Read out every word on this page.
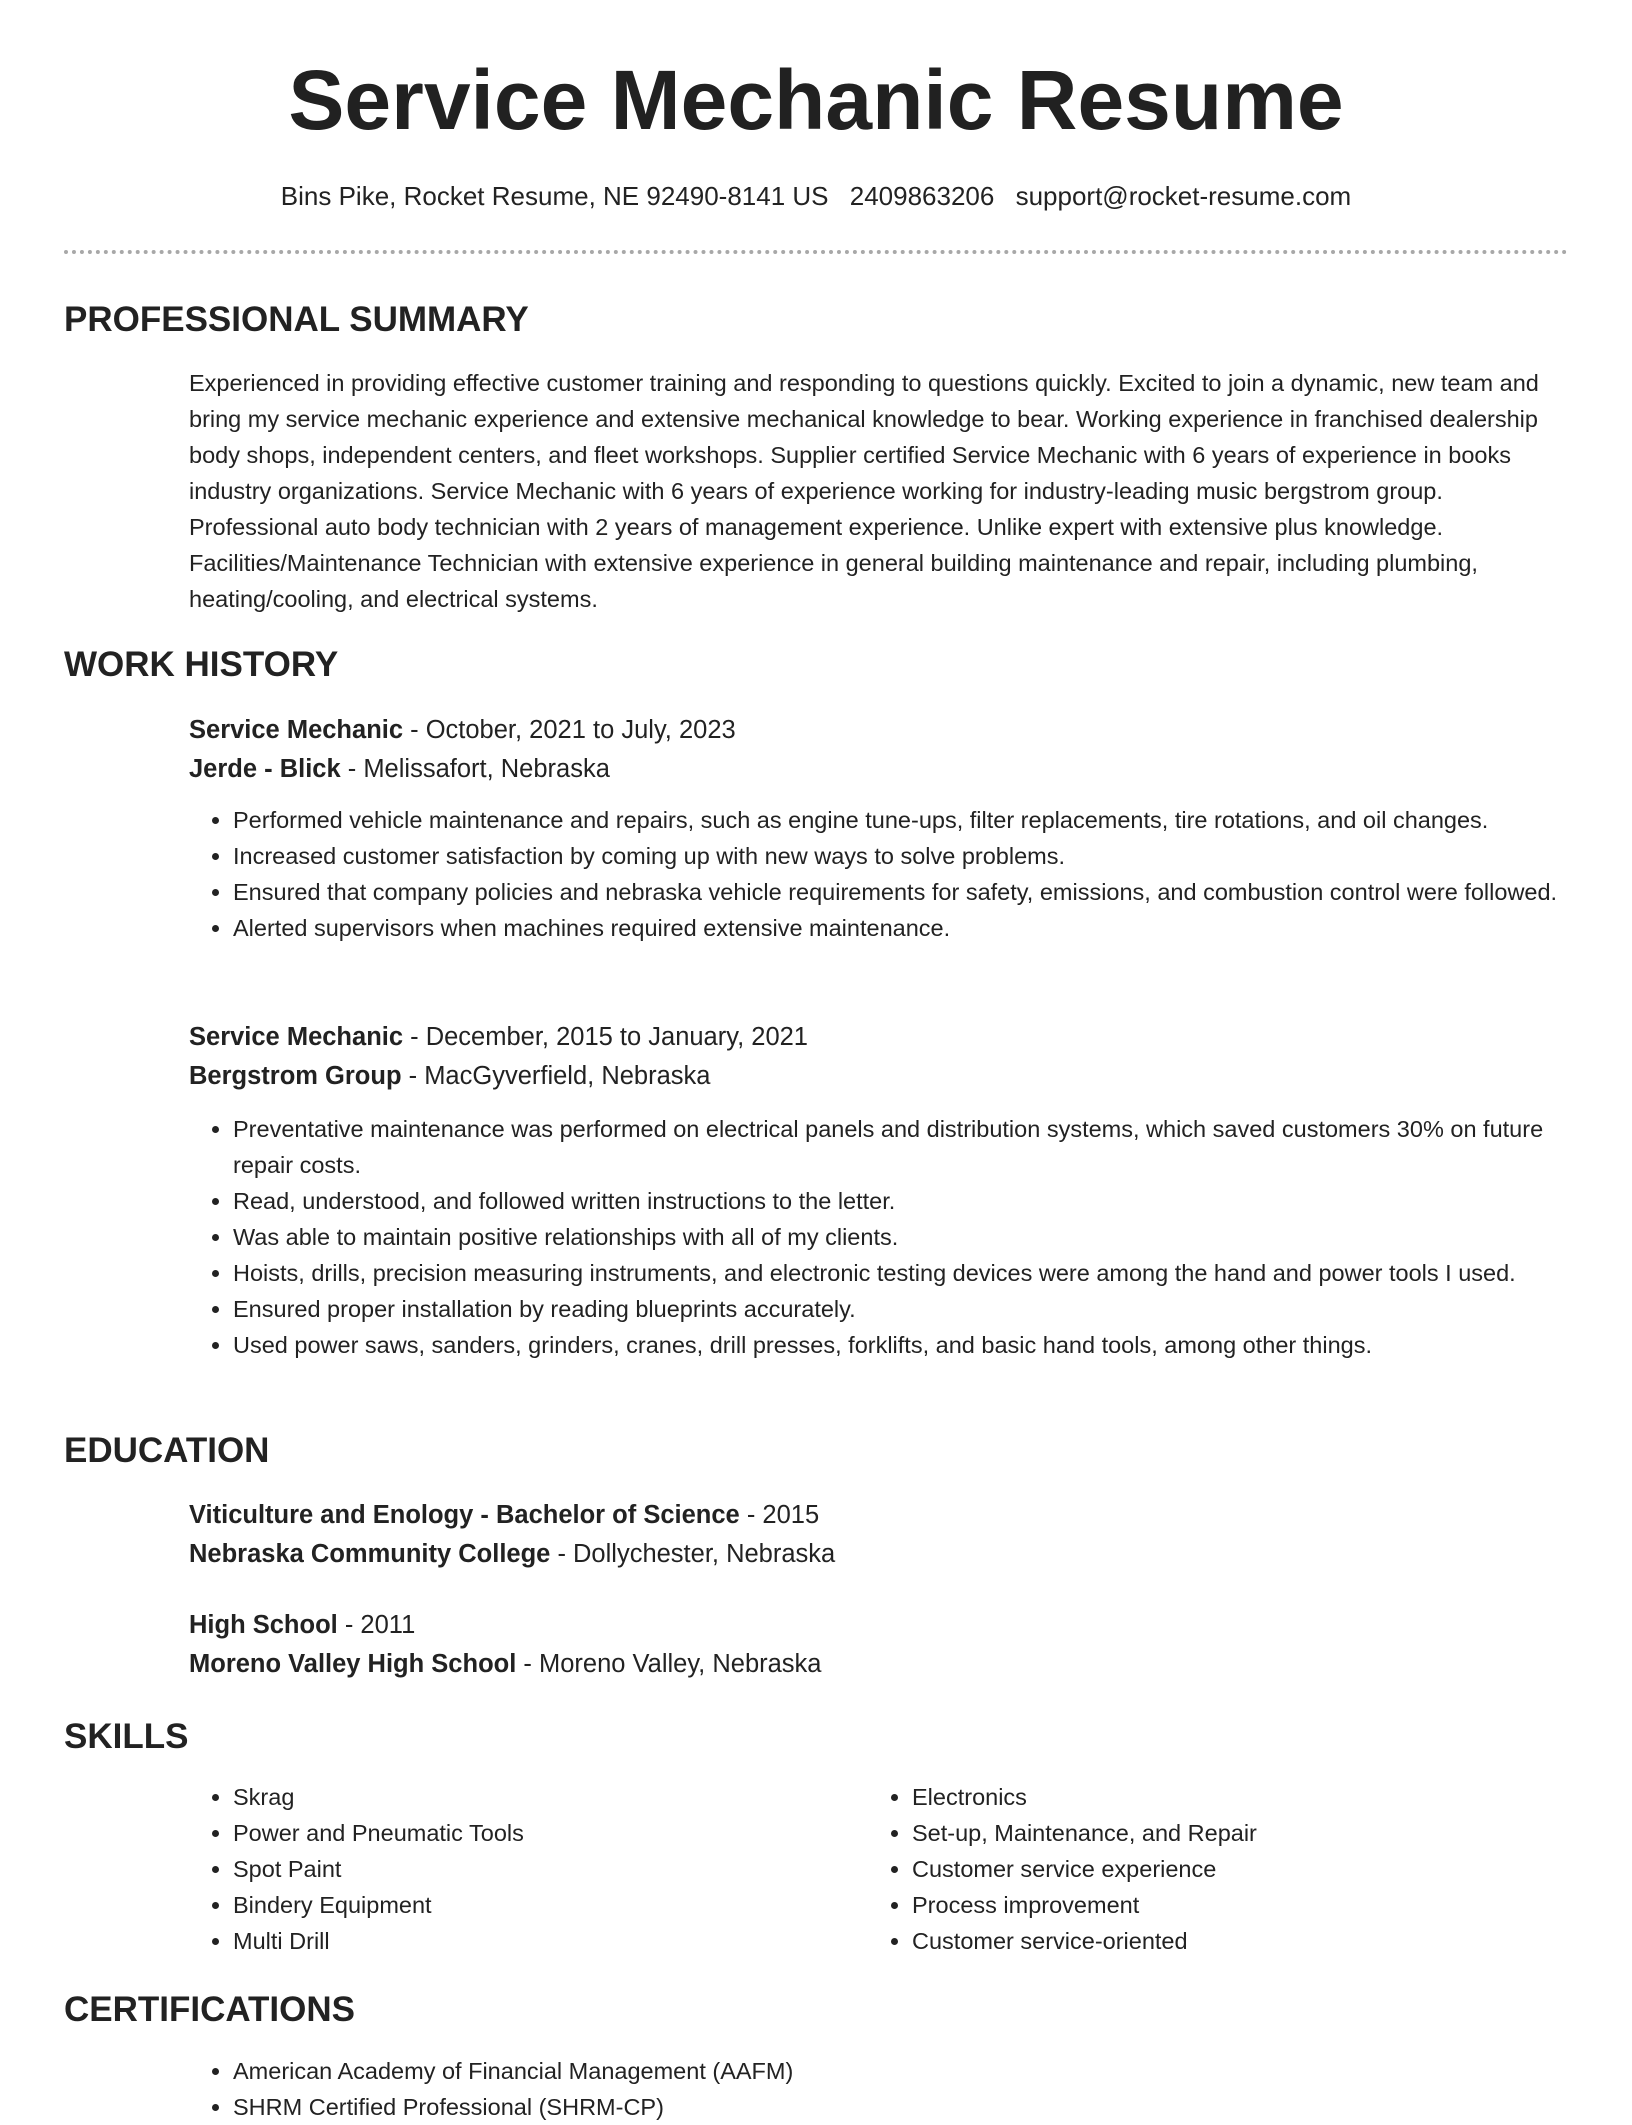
Service Mechanic Resume
Bins Pike, Rocket Resume, NE 92490-8141 US 2409863206 support@rocket-resume.com
PROFESSIONAL SUMMARY

Experienced in providing effective customer training and responding to questions quickly. Excited to join a dynamic, new team and bring my service mechanic experience and extensive mechanical knowledge to bear. Working experience in franchised dealership body shops, independent centers, and fleet workshops. Supplier certified Service Mechanic with 6 years of experience in books industry organizations. Service Mechanic with 6 years of experience working for industry-leading music bergstrom group. Professional auto body technician with 2 years of management experience. Unlike expert with extensive plus knowledge. Facilities/Maintenance Technician with extensive experience in general building maintenance and repair, including plumbing, heating/cooling, and electrical systems.

WORK HISTORY
Service Mechanic - October, 2021 to July, 2023
Jerde - Blick - Melissafort, Nebraska
• Performed vehicle maintenance and repairs, such as engine tune-ups, filter replacements, tire rotations, and oil changes.
• Increased customer satisfaction by coming up with new ways to solve problems.
• Ensured that company policies and nebraska vehicle requirements for safety, emissions, and combustion control were followed.
• Alerted supervisors when machines required extensive maintenance.
Service Mechanic - December, 2015 to January, 2021
Bergstrom Group - MacGyverfield, Nebraska
• Preventative maintenance was performed on electrical panels and distribution systems, which saved customers 30% on future repair costs.
• Read, understood, and followed written instructions to the letter.
• Was able to maintain positive relationships with all of my clients.
• Hoists, drills, precision measuring instruments, and electronic testing devices were among the hand and power tools I used.
• Ensured proper installation by reading blueprints accurately.
• Used power saws, sanders, grinders, cranes, drill presses, forklifts, and basic hand tools, among other things.
EDUCATION
Viticulture and Enology - Bachelor of Science - 2015
Nebraska Community College - Dollychester, Nebraska
High School - 2011
Moreno Valley High School - Moreno Valley, Nebraska
SKILLS
• Skrag
• Power and Pneumatic Tools
• Spot Paint
• Bindery Equipment
• Multi Drill
• Electronics
• Set-up, Maintenance, and Repair
• Customer service experience
• Process improvement
• Customer service-oriented
CERTIFICATIONS
• American Academy of Financial Management (AAFM)
• SHRM Certified Professional (SHRM-CP)
